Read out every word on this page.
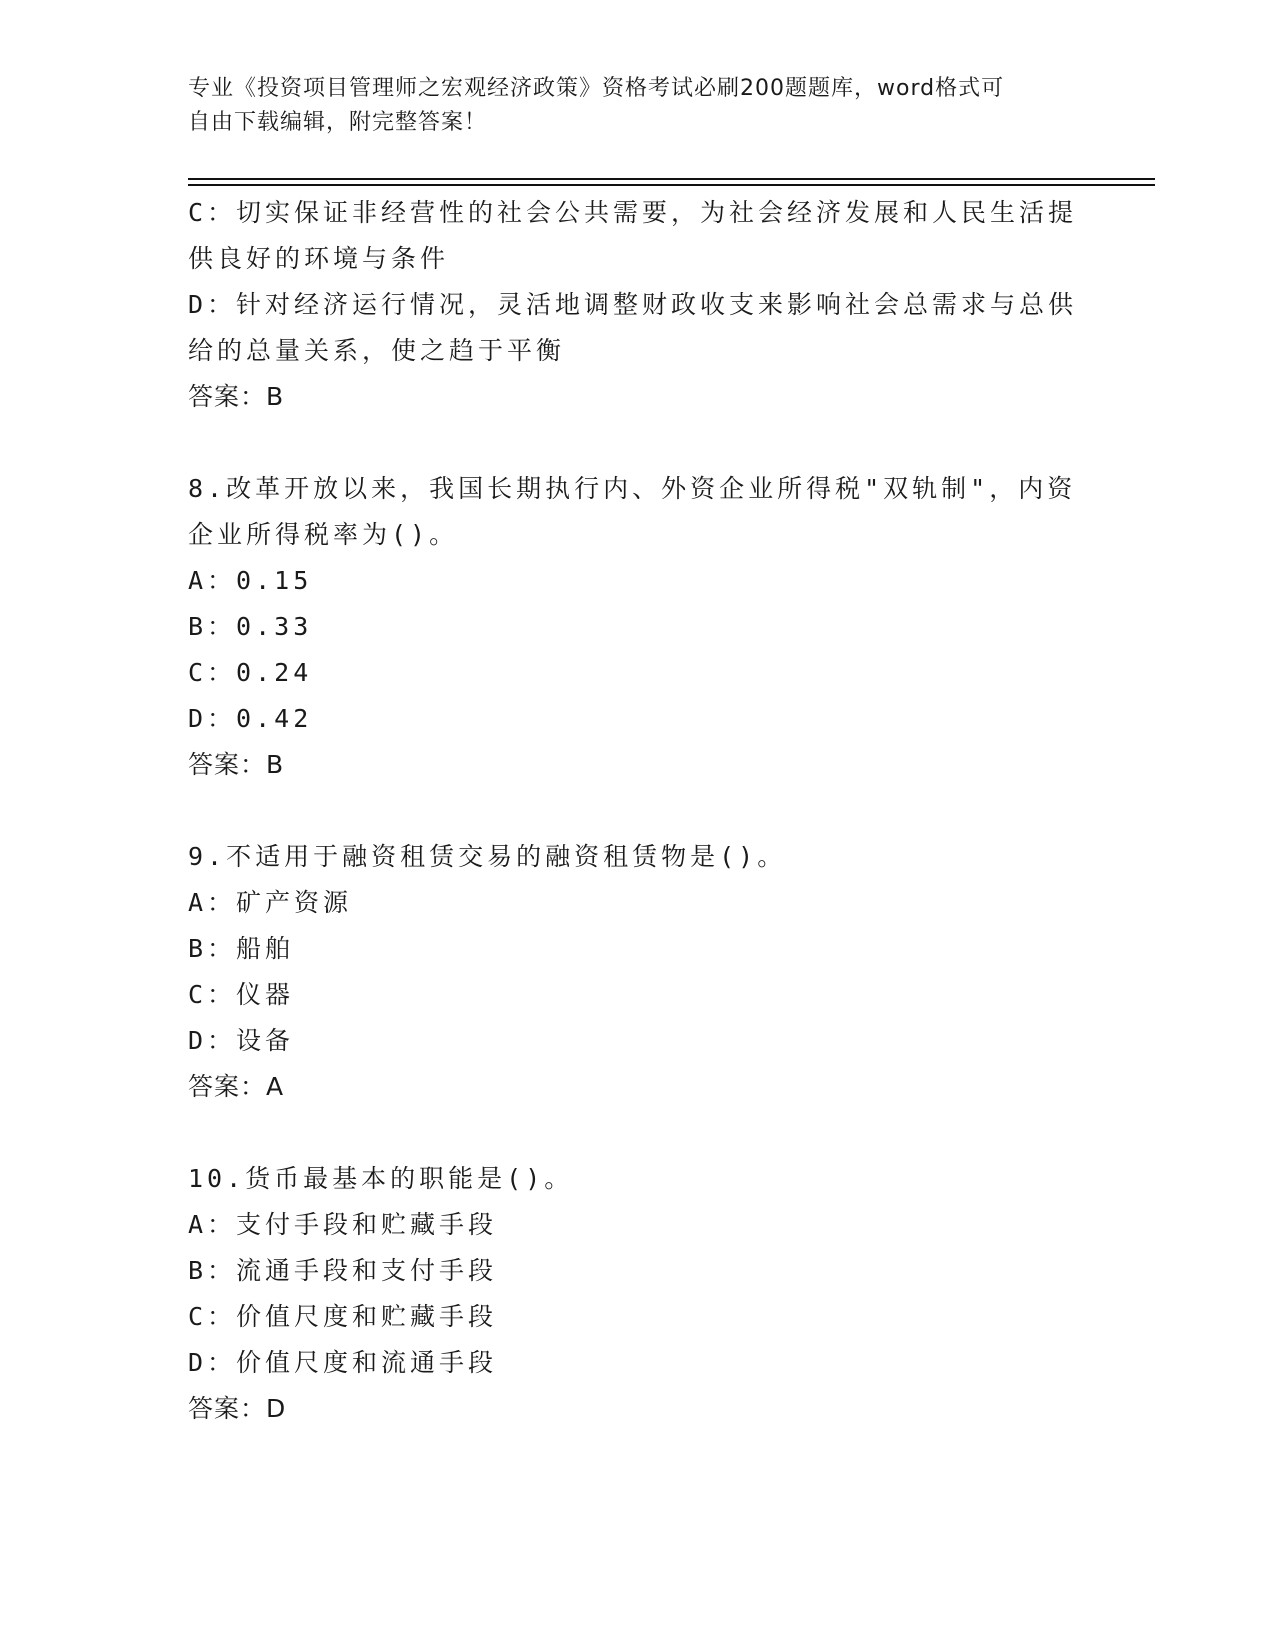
专业《投资项目管理师之宏观经济政策》资格考试必刷200题题库，word格式可
自由下载编辑，附完整答案！
C：切实保证非经营性的社会公共需要，为社会经济发展和人民生活提
供良好的环境与条件
D：针对经济运行情况，灵活地调整财政收支来影响社会总需求与总供
给的总量关系，使之趋于平衡
答案：B
8.改革开放以来，我国长期执行内、外资企业所得税"双轨制"，内资
企业所得税率为()。
A：0.15
B：0.33
C：0.24
D：0.42
答案：B
9.不适用于融资租赁交易的融资租赁物是()。
A：矿产资源
B：船舶
C：仪器
D：设备
答案：A
10.货币最基本的职能是()。
A：支付手段和贮藏手段
B：流通手段和支付手段
C：价值尺度和贮藏手段
D：价值尺度和流通手段
答案：D
